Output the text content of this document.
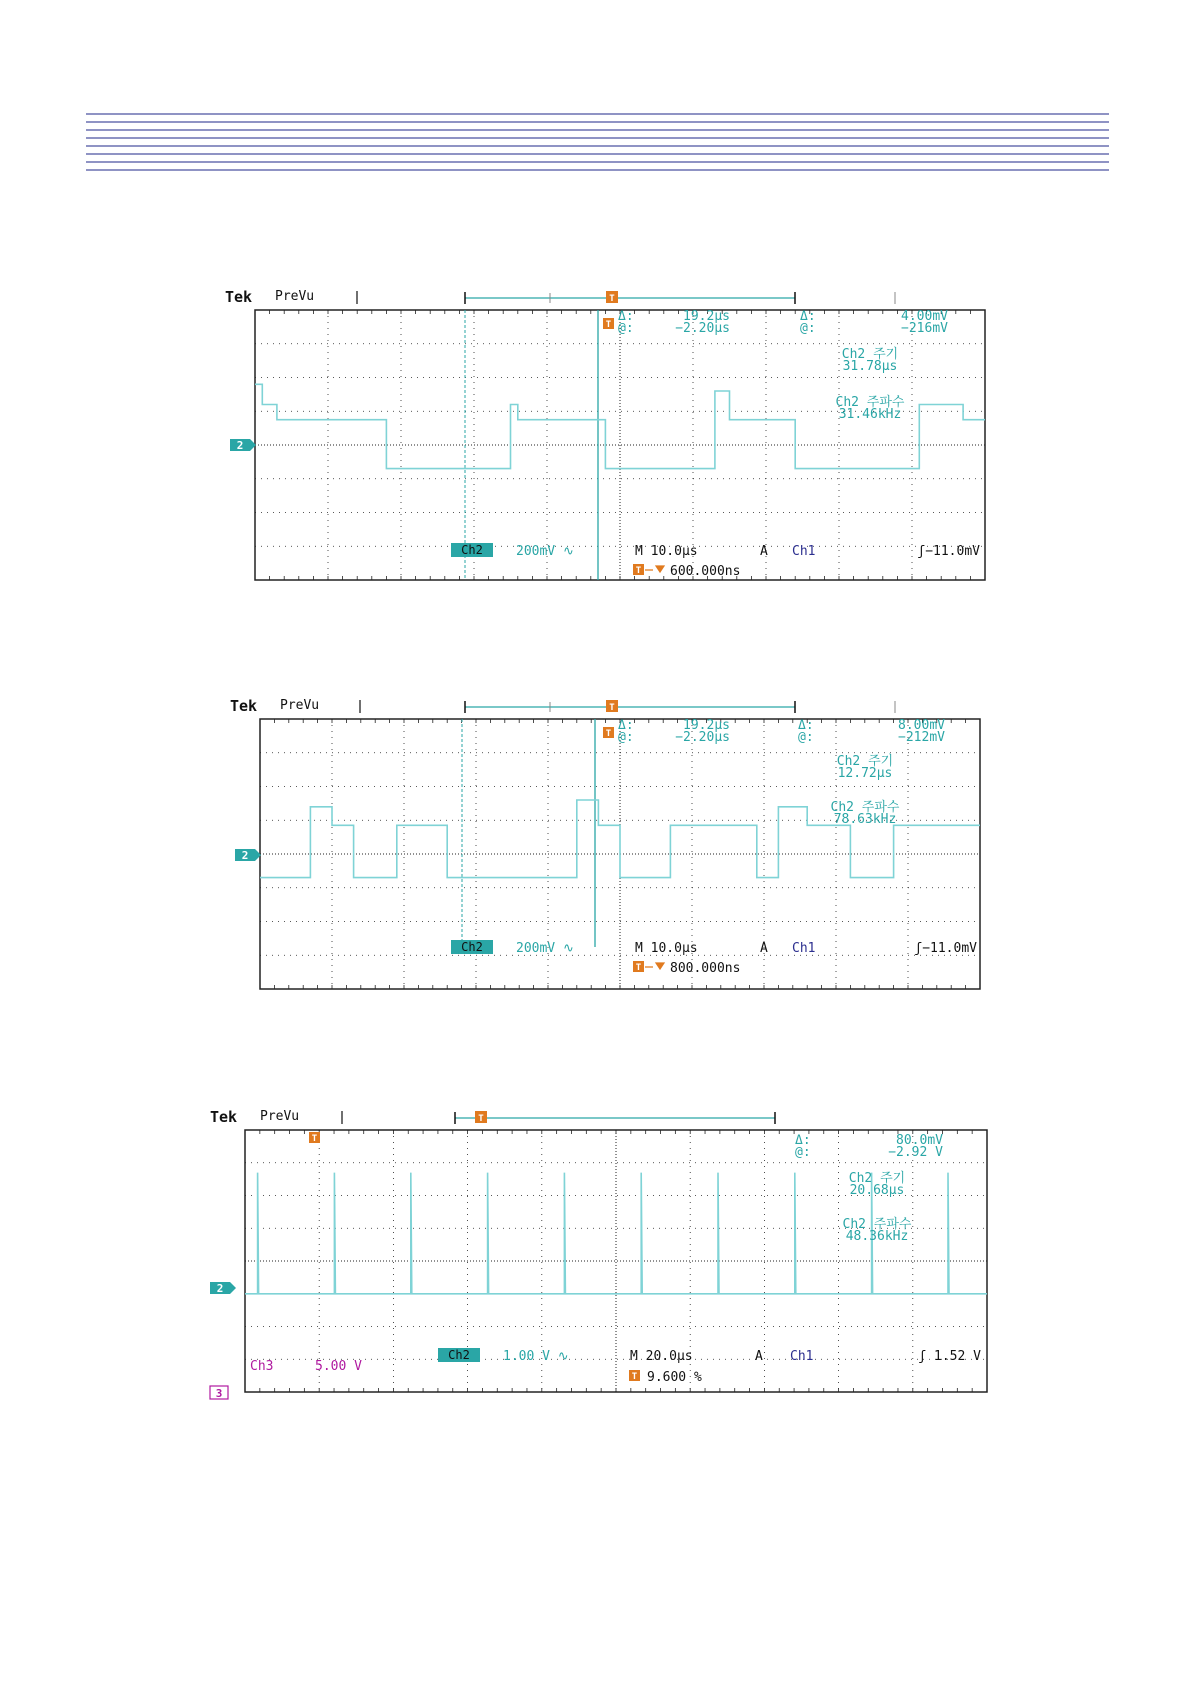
Tek PreVu	T
2
T
Δ:	19.2µs
@:	−2.20µs
Δ:	4.00mV
@:	−216mV
Ch2 주기
31.78µs
Ch2 주파수
31.46kHz
Ch2	200mV ∿	M 10.0µs	A Ch1	ʃ−11.0mV
T 600.000ns
Tek PreVu	T
2
T
Δ:	19.2µs
@:	−2.20µs
Δ:	8.00mV
@:	−212mV
Ch2 주기
12.72µs
Ch2 주파수
78.63kHz
Ch2	200mV ∿	M 10.0µs	A Ch1	ʃ−11.0mV
T 800.000ns
Tek PreVu	T
T
2
Δ:	80.0mV
@:	−2.92 V
Ch2 주기
20.68µs
Ch2 주파수
48.36kHz
Ch3	5.00 V
Ch2	1.00 V ∿	M 20.0µs	A Ch1	ʃ 1.52 V
T 9.600 %
3
